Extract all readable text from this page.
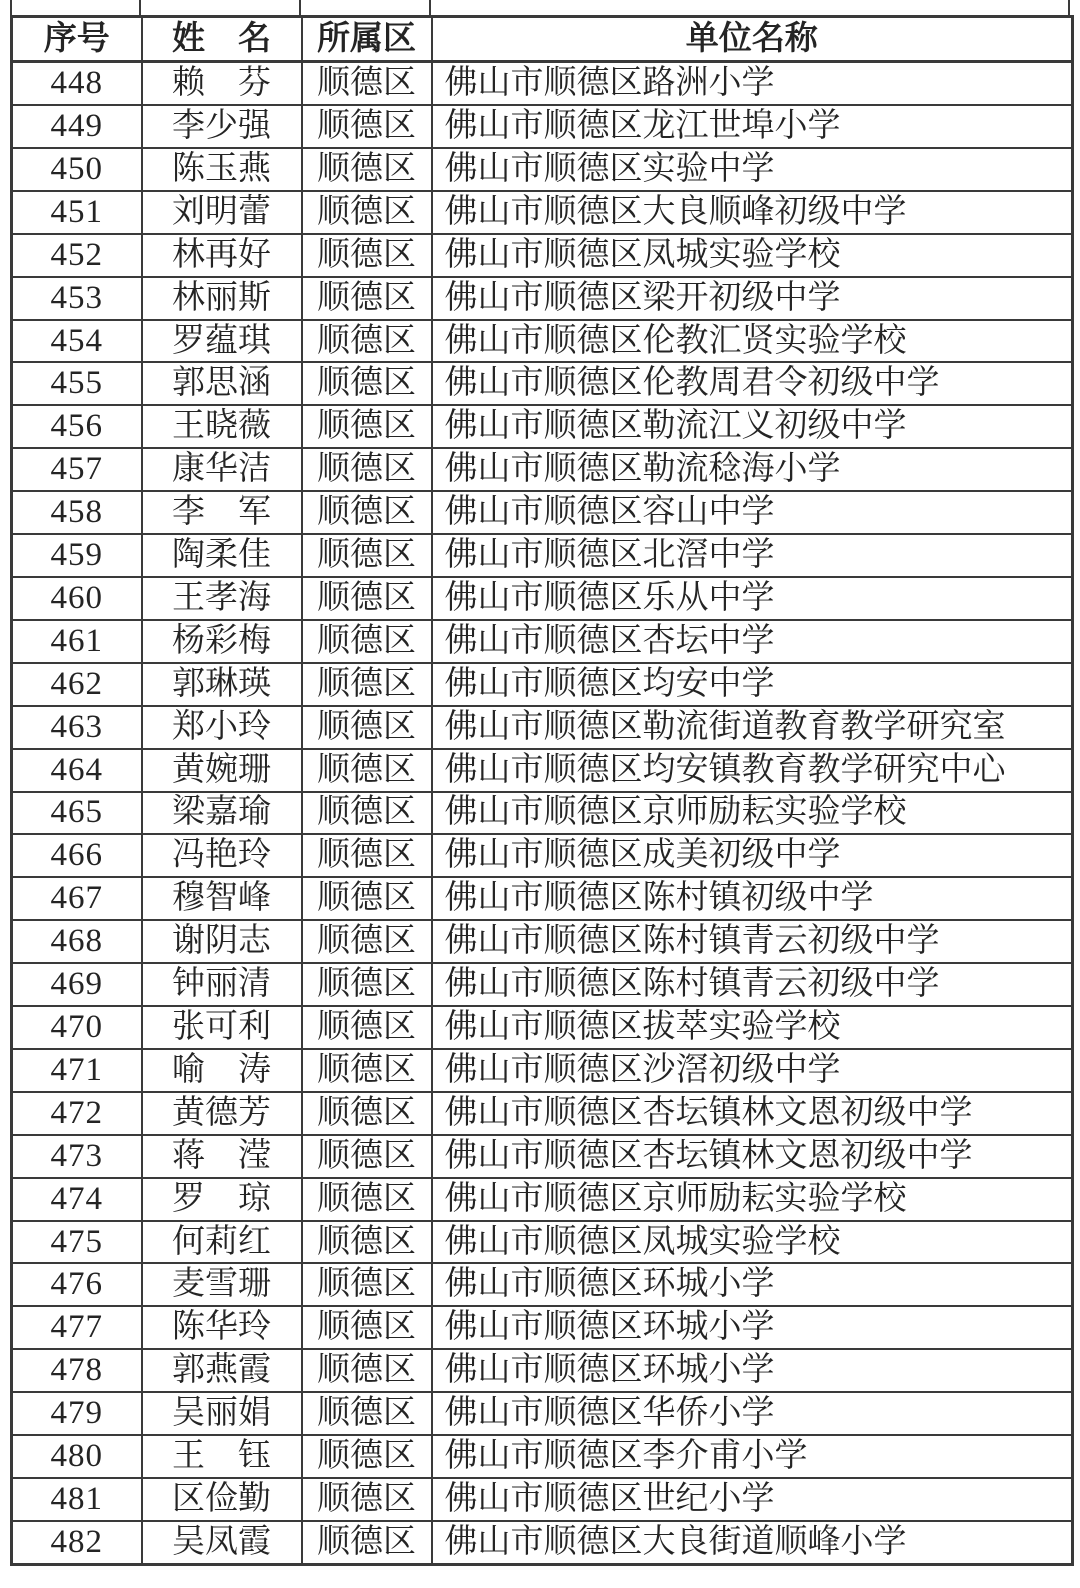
序号	姓　名	所属区	单位名称
448	赖　芬	顺德区	佛山市顺德区路洲小学
449	李少强	顺德区	佛山市顺德区龙江世埠小学
450	陈玉燕	顺德区	佛山市顺德区实验中学
451	刘明蕾	顺德区	佛山市顺德区大良顺峰初级中学
452	林再好	顺德区	佛山市顺德区凤城实验学校
453	林丽斯	顺德区	佛山市顺德区梁开初级中学
454	罗蕴琪	顺德区	佛山市顺德区伦教汇贤实验学校
455	郭思涵	顺德区	佛山市顺德区伦教周君令初级中学
456	王晓薇	顺德区	佛山市顺德区勒流江义初级中学
457	康华洁	顺德区	佛山市顺德区勒流稔海小学
458	李　军	顺德区	佛山市顺德区容山中学
459	陶柔佳	顺德区	佛山市顺德区北滘中学
460	王孝海	顺德区	佛山市顺德区乐从中学
461	杨彩梅	顺德区	佛山市顺德区杏坛中学
462	郭琳瑛	顺德区	佛山市顺德区均安中学
463	郑小玲	顺德区	佛山市顺德区勒流街道教育教学研究室
464	黄婉珊	顺德区	佛山市顺德区均安镇教育教学研究中心
465	梁嘉瑜	顺德区	佛山市顺德区京师励耘实验学校
466	冯艳玲	顺德区	佛山市顺德区成美初级中学
467	穆智峰	顺德区	佛山市顺德区陈村镇初级中学
468	谢阴志	顺德区	佛山市顺德区陈村镇青云初级中学
469	钟丽清	顺德区	佛山市顺德区陈村镇青云初级中学
470	张可利	顺德区	佛山市顺德区拔萃实验学校
471	喻　涛	顺德区	佛山市顺德区沙滘初级中学
472	黄德芳	顺德区	佛山市顺德区杏坛镇林文恩初级中学
473	蒋　滢	顺德区	佛山市顺德区杏坛镇林文恩初级中学
474	罗　琼	顺德区	佛山市顺德区京师励耘实验学校
475	何莉红	顺德区	佛山市顺德区凤城实验学校
476	麦雪珊	顺德区	佛山市顺德区环城小学
477	陈华玲	顺德区	佛山市顺德区环城小学
478	郭燕霞	顺德区	佛山市顺德区环城小学
479	吴丽娟	顺德区	佛山市顺德区华侨小学
480	王　钰	顺德区	佛山市顺德区李介甫小学
481	区俭勤	顺德区	佛山市顺德区世纪小学
482	吴凤霞	顺德区	佛山市顺德区大良街道顺峰小学
